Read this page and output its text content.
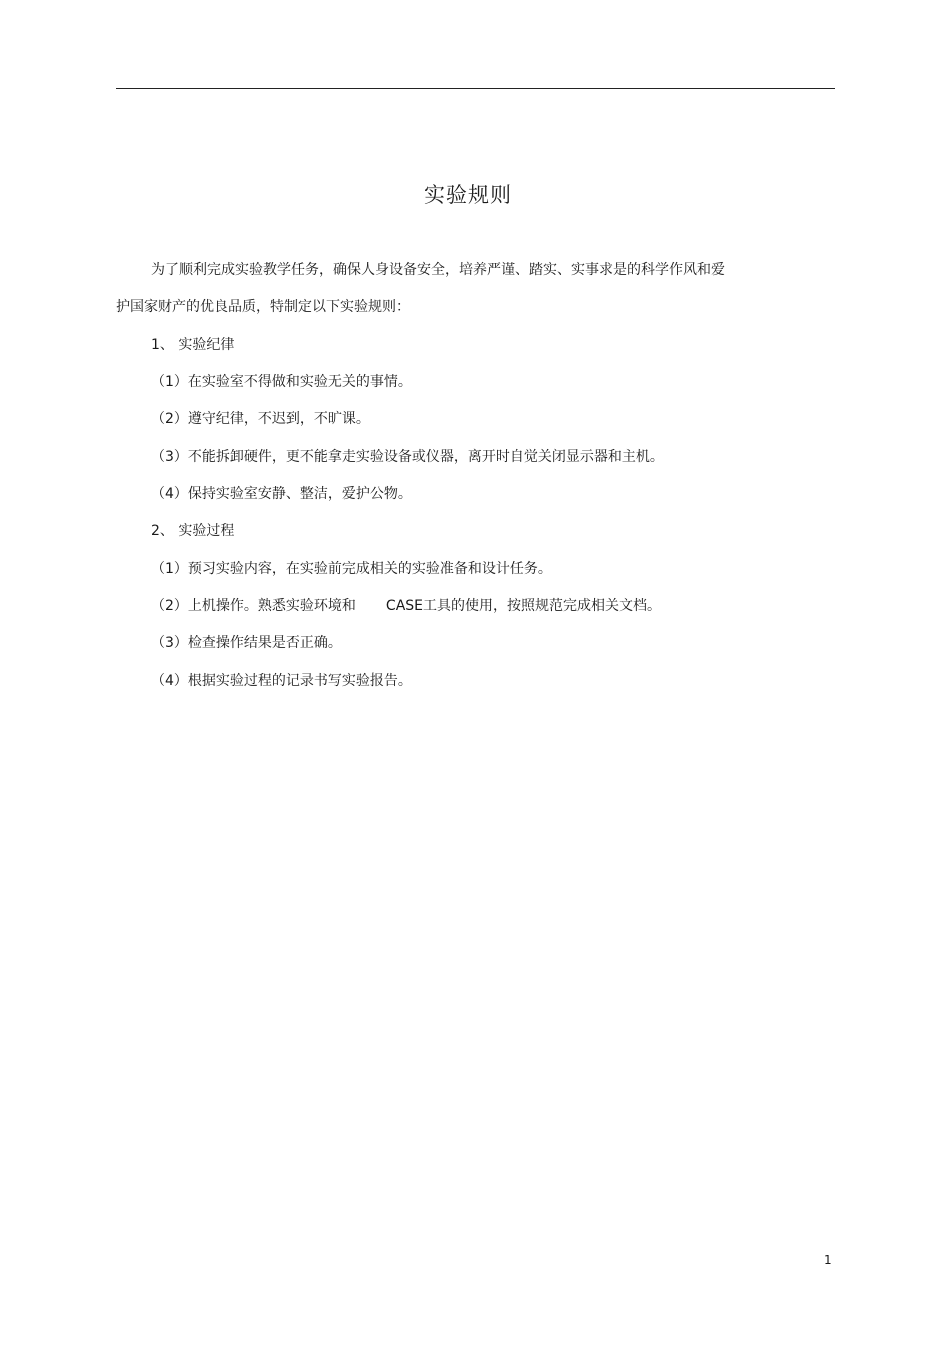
实验规则
为了顺利完成实验教学任务，确保人身设备安全，培养严谨、踏实、实事求是的科学作风和爱
护国家财产的优良品质，特制定以下实验规则：
1、 实验纪律
（1）在实验室不得做和实验无关的事情。
（2）遵守纪律，不迟到，不旷课。
（3）不能拆卸硬件，更不能拿走实验设备或仪器，离开时自觉关闭显示器和主机。
（4）保持实验室安静、整洁，爱护公物。
2、 实验过程
（1）预习实验内容，在实验前完成相关的实验准备和设计任务。
（2）上机操作。熟悉实验环境和 CASE工具的使用，按照规范完成相关文档。
（3）检查操作结果是否正确。
（4）根据实验过程的记录书写实验报告。
1
